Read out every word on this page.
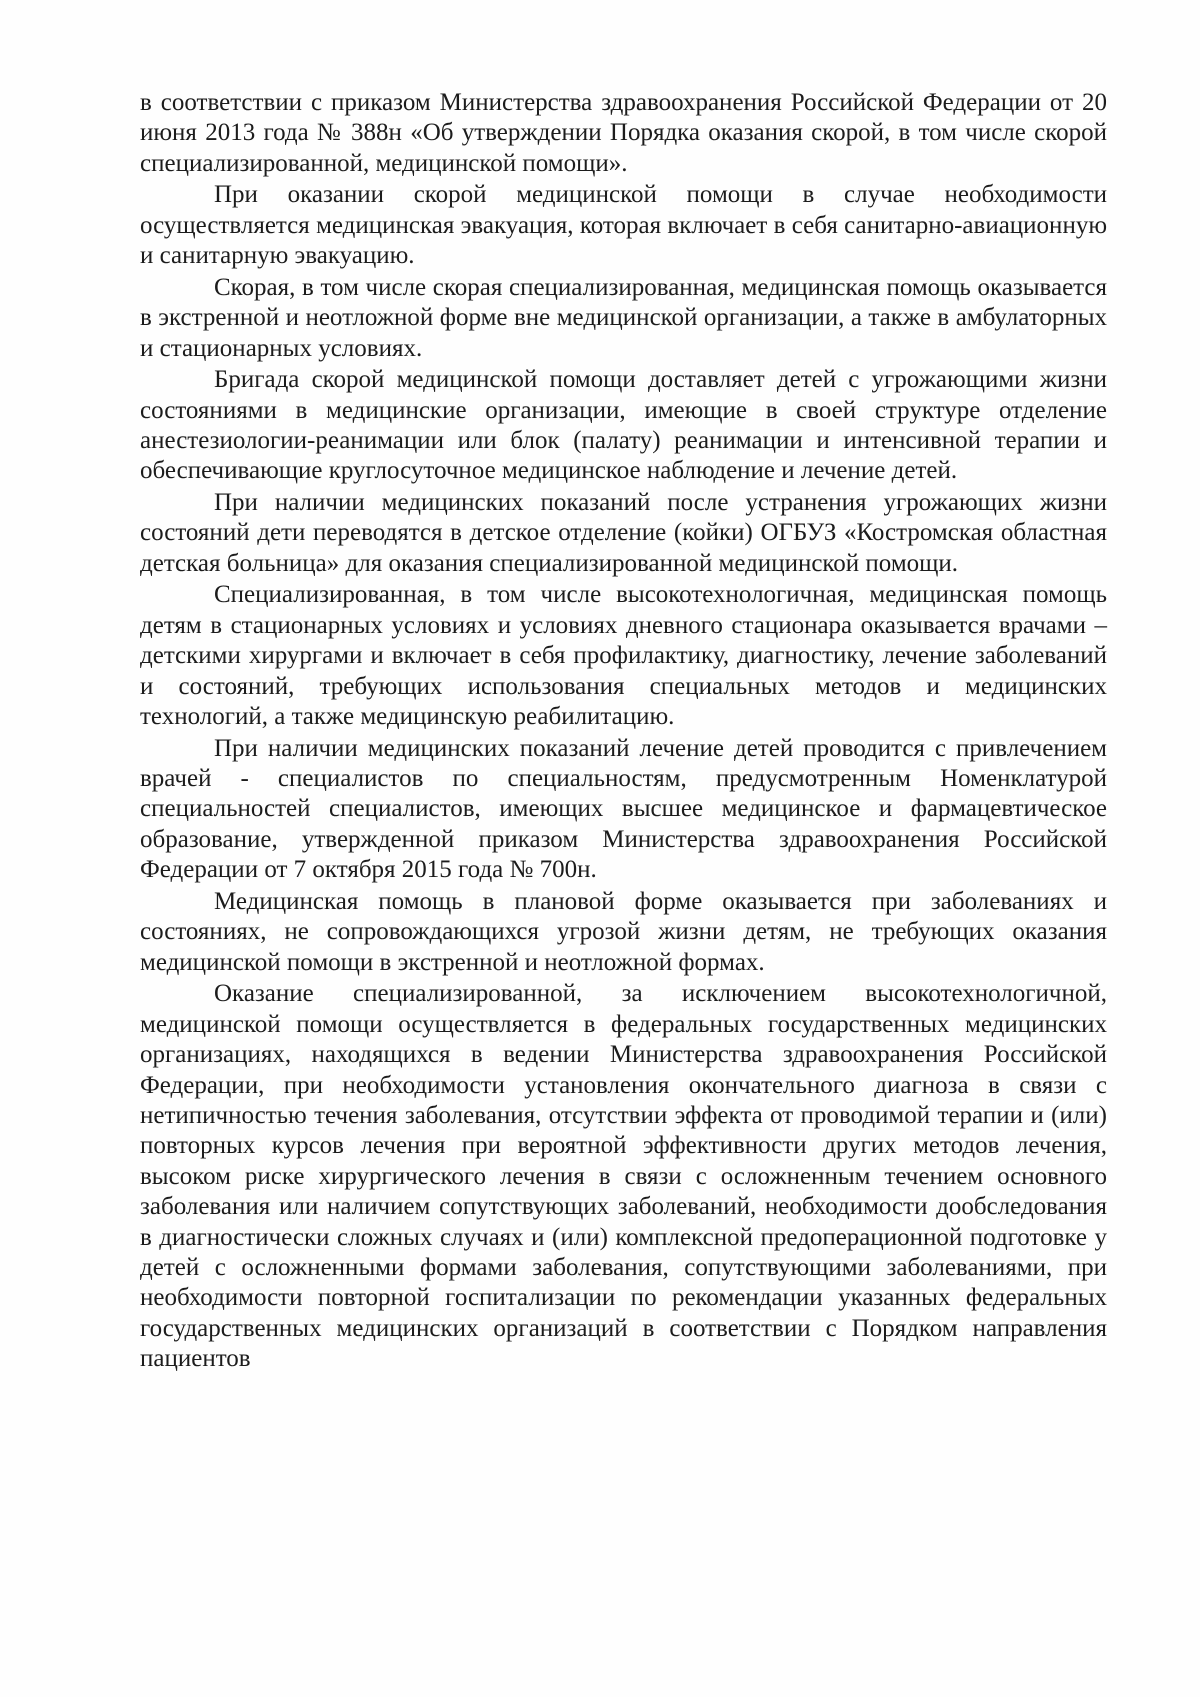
в соответствии с приказом Министерства здравоохранения Российской Федерации от 20 июня 2013 года № 388н «Об утверждении Порядка оказания скорой, в том числе скорой специализированной, медицинской помощи».

При оказании скорой медицинской помощи в случае необходимости осуществляется медицинская эвакуация, которая включает в себя санитарно-авиационную и санитарную эвакуацию.

Скорая, в том числе скорая специализированная, медицинская помощь оказывается в экстренной и неотложной форме вне медицинской организации, а также в амбулаторных и стационарных условиях.

Бригада скорой медицинской помощи доставляет детей с угрожающими жизни состояниями в медицинские организации, имеющие в своей структуре отделение анестезиологии-реанимации или блок (палату) реанимации и интенсивной терапии и обеспечивающие круглосуточное медицинское наблюдение и лечение детей.

При наличии медицинских показаний после устранения угрожающих жизни состояний дети переводятся в детское отделение (койки) ОГБУЗ «Костромская областная детская больница» для оказания специализированной медицинской помощи.

Специализированная, в том числе высокотехнологичная, медицинская помощь детям в стационарных условиях и условиях дневного стационара оказывается врачами – детскими хирургами и включает в себя профилактику, диагностику, лечение заболеваний и состояний, требующих использования специальных методов и медицинских технологий, а также медицинскую реабилитацию.

При наличии медицинских показаний лечение детей проводится с привлечением врачей - специалистов по специальностям, предусмотренным Номенклатурой специальностей специалистов, имеющих высшее медицинское и фармацевтическое образование, утвержденной приказом Министерства здравоохранения Российской Федерации от 7 октября 2015 года № 700н.

Медицинская помощь в плановой форме оказывается при заболеваниях и состояниях, не сопровождающихся угрозой жизни детям, не требующих оказания медицинской помощи в экстренной и неотложной формах.

Оказание специализированной, за исключением высокотехнологичной, медицинской помощи осуществляется в федеральных государственных медицинских организациях, находящихся в ведении Министерства здравоохранения Российской Федерации, при необходимости установления окончательного диагноза в связи с нетипичностью течения заболевания, отсутствии эффекта от проводимой терапии и (или) повторных курсов лечения при вероятной эффективности других методов лечения, высоком риске хирургического лечения в связи с осложненным течением основного заболевания или наличием сопутствующих заболеваний, необходимости дообследования в диагностически сложных случаях и (или) комплексной предоперационной подготовке у детей с осложненными формами заболевания, сопутствующими заболеваниями, при необходимости повторной госпитализации по рекомендации указанных федеральных государственных медицинских организаций в соответствии с Порядком направления пациентов
